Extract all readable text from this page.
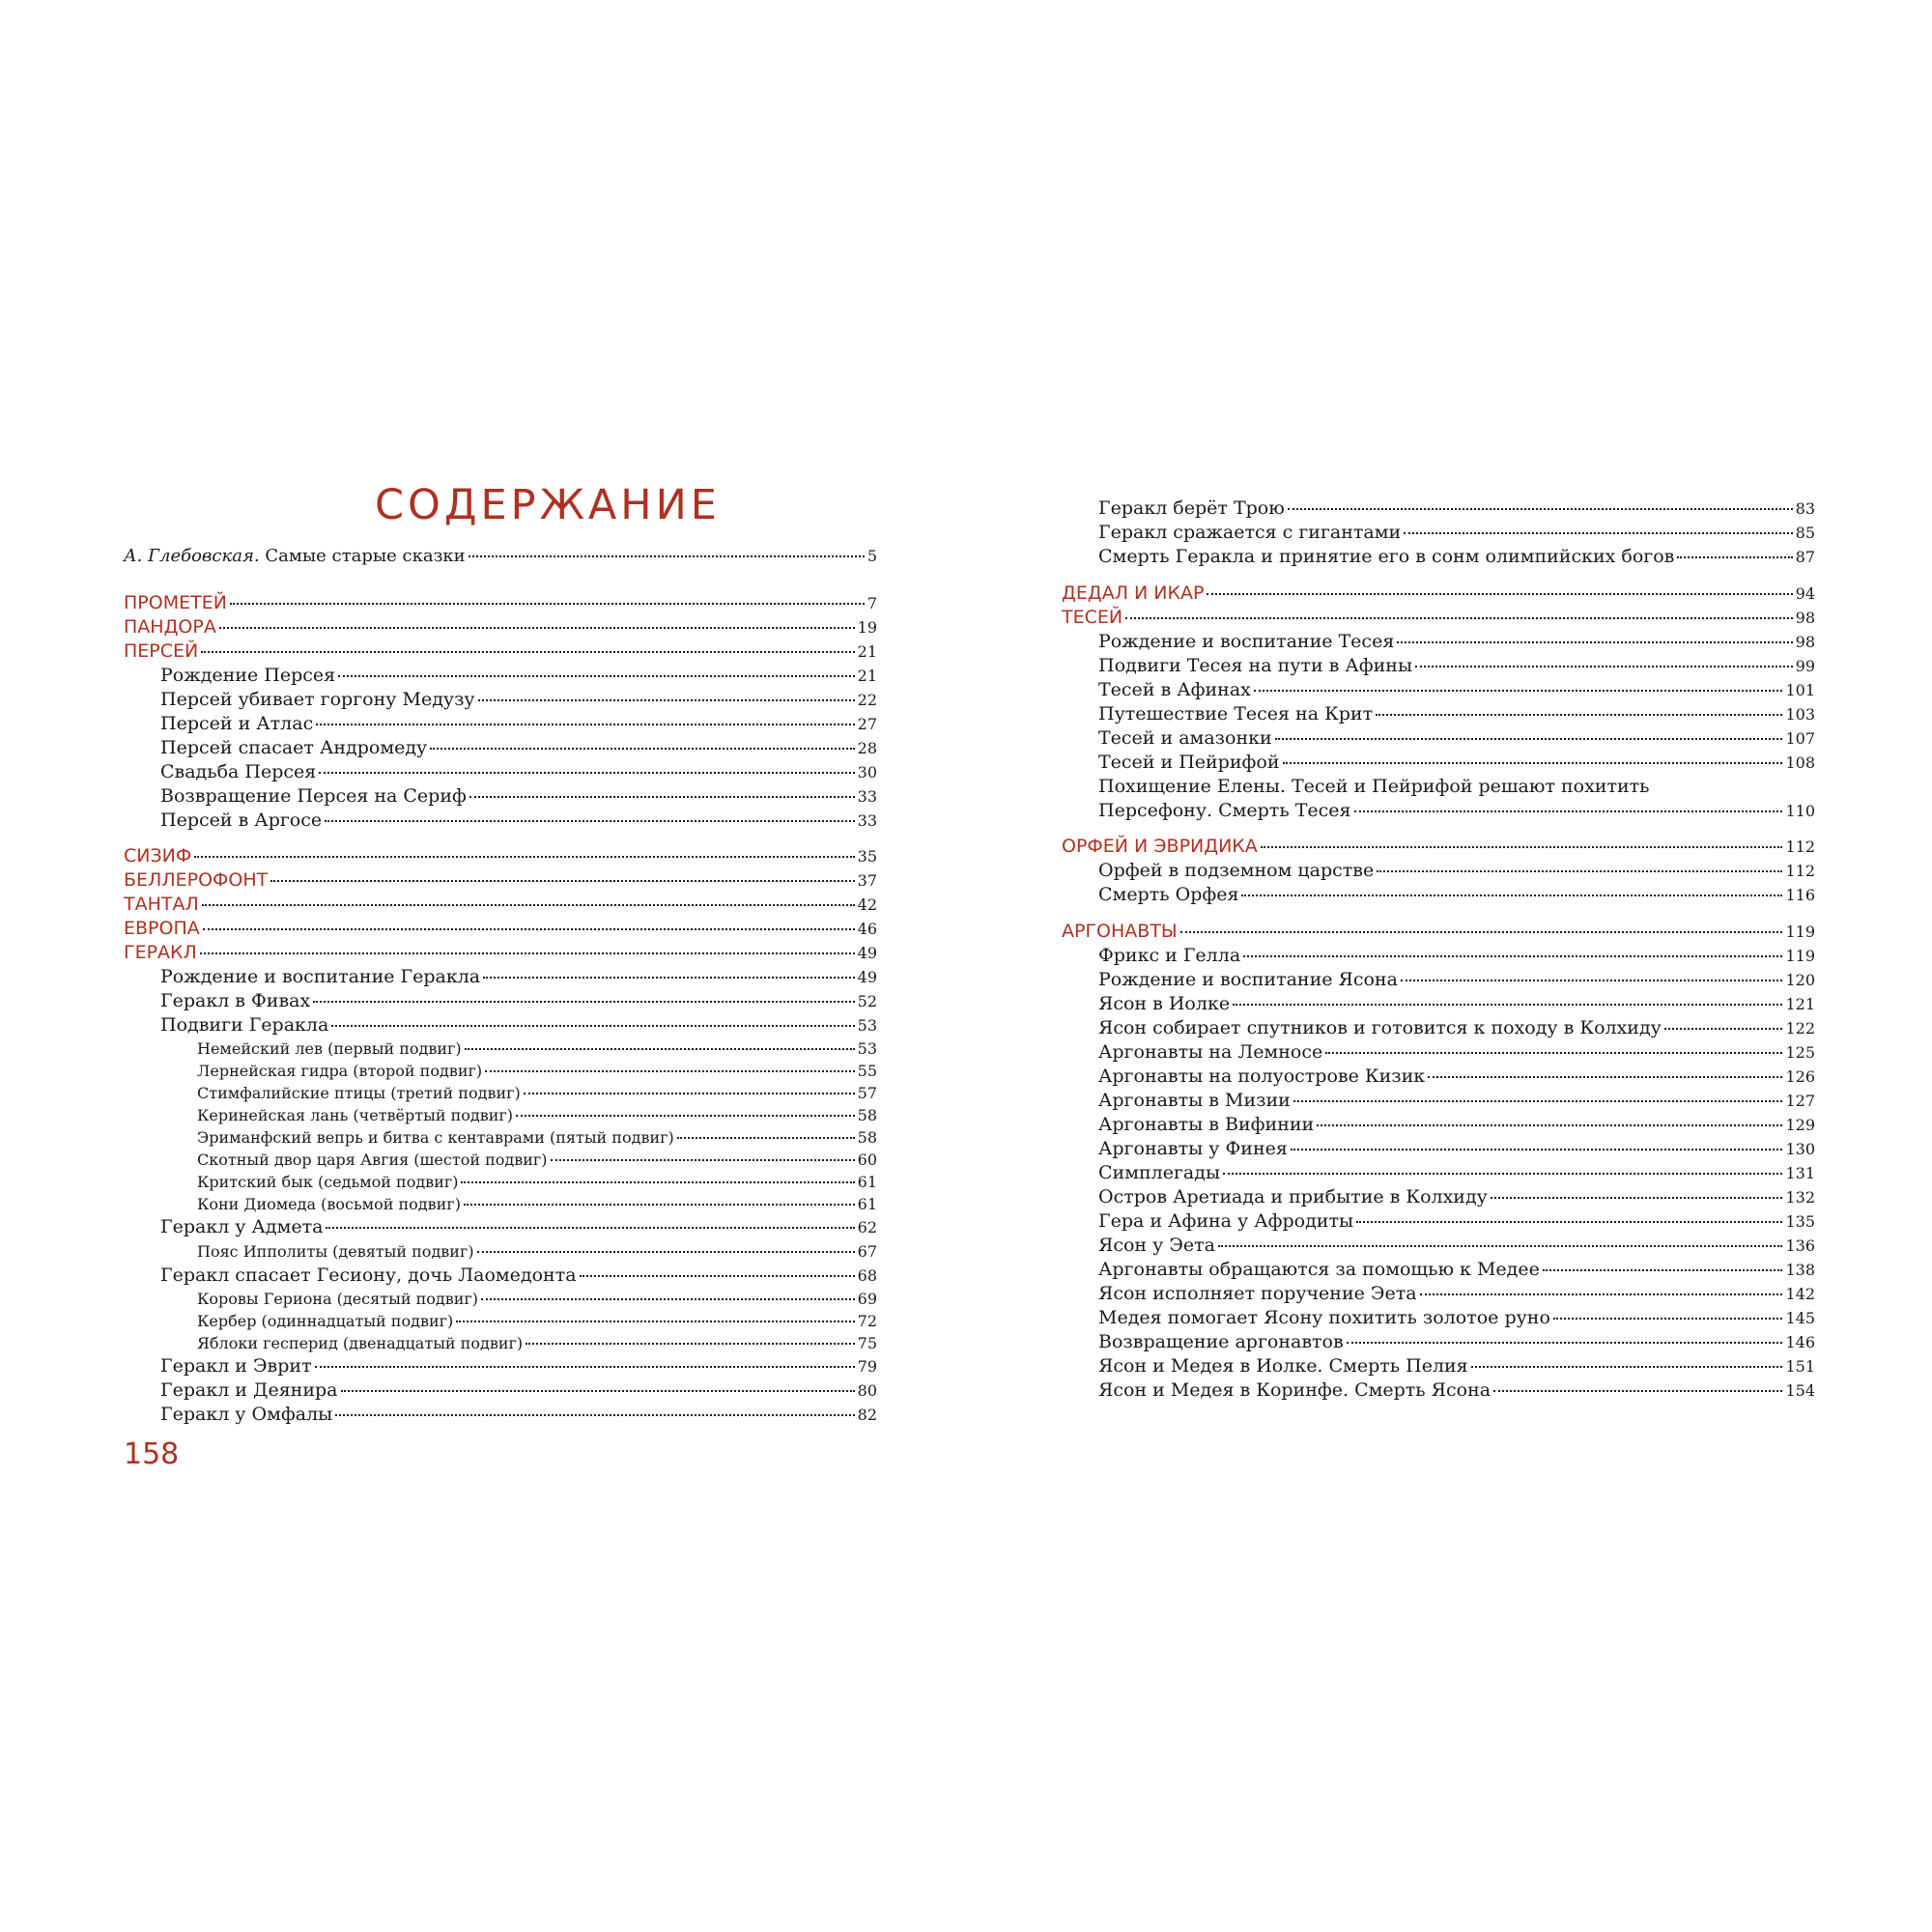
СОДЕРЖАНИЕ
А. Глебовская. Самые старые сказки	5
158
ПРОМЕТЕЙ	7
ПАНДОРА	19
ПЕРСЕЙ	21
Рождение Персея	21
Персей убивает горгону Медузу	22
Персей и Атлас	27
Персей спасает Андромеду	28
Свадьба Персея	30
Возвращение Персея на Сериф	33
Персей в Аргосе	33
СИЗИФ	35
БЕЛЛЕРОФОНТ	37
ТАНТАЛ	42
ЕВРОПА	46
ГЕРАКЛ	49
Рождение и воспитание Геракла	49
Геракл в Фивах	52
Подвиги Геракла	53
Немейский лев (первый подвиг)	53
Лернейская гидра (второй подвиг)	55
Стимфалийские птицы (третий подвиг)	57
Керинейская лань (четвёртый подвиг)	58
Эриманфский вепрь и битва с кентаврами (пятый подвиг)	58
Скотный двор царя Авгия (шестой подвиг)	60
Критский бык (седьмой подвиг)	61
Кони Диомеда (восьмой подвиг)	61
Геракл у Адмета	62
Пояс Ипполиты (девятый подвиг)	67
Геракл спасает Гесиону, дочь Лаомедонта	68
Коровы Гериона (десятый подвиг)	69
Кербер (одиннадцатый подвиг)	72
Яблоки гесперид (двенадцатый подвиг)	75
Геракл и Эврит	79
Геракл и Деянира	80
Геракл у Омфалы	82
Геракл берёт Трою	83
Геракл сражается с гигантами	85
Смерть Геракла и принятие его в сонм олимпийских богов	87
ДЕДАЛ И ИКАР	94
ТЕСЕЙ	98
Рождение и воспитание Тесея	98
Подвиги Тесея на пути в Афины	99
Тесей в Афинах	101
Путешествие Тесея на Крит	103
Тесей и амазонки	107
Тесей и Пейрифой	108
Похищение Елены. Тесей и Пейрифой решают похитить
Персефону. Смерть Тесея	110
ОРФЕЙ И ЭВРИДИКА	112
Орфей в подземном царстве	112
Смерть Орфея	116
АРГОНАВТЫ	119
Фрикс и Гелла	119
Рождение и воспитание Ясона	120
Ясон в Иолке	121
Ясон собирает спутников и готовится к походу в Колхиду	122
Аргонавты на Лемносе	125
Аргонавты на полуострове Кизик	126
Аргонавты в Мизии	127
Аргонавты в Вифинии	129
Аргонавты у Финея	130
Симплегады	131
Остров Аретиада и прибытие в Колхиду	132
Гера и Афина у Афродиты	135
Ясон у Эета	136
Аргонавты обращаются за помощью к Медее	138
Ясон исполняет поручение Эета	142
Медея помогает Ясону похитить золотое руно	145
Возвращение аргонавтов	146
Ясон и Медея в Иолке. Смерть Пелия	151
Ясон и Медея в Коринфе. Смерть Ясона	154
